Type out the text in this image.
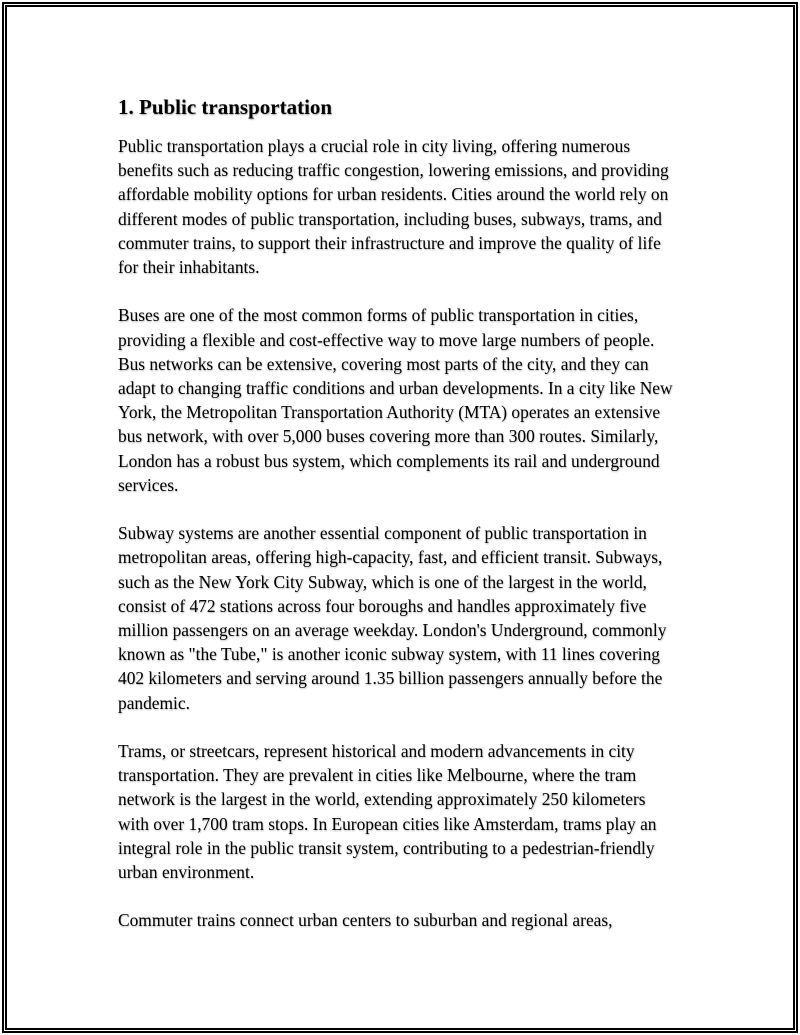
1. Public transportation

Public transportation plays a crucial role in city living, offering numerous benefits such as reducing traffic congestion, lowering emissions, and providing affordable mobility options for urban residents. Cities around the world rely on different modes of public transportation, including buses, subways, trams, and commuter trains, to support their infrastructure and improve the quality of life for their inhabitants.

Buses are one of the most common forms of public transportation in cities, providing a flexible and cost-effective way to move large numbers of people. Bus networks can be extensive, covering most parts of the city, and they can adapt to changing traffic conditions and urban developments. In a city like New York, the Metropolitan Transportation Authority (MTA) operates an extensive bus network, with over 5,000 buses covering more than 300 routes. Similarly, London has a robust bus system, which complements its rail and underground services.

Subway systems are another essential component of public transportation in metropolitan areas, offering high-capacity, fast, and efficient transit. Subways, such as the New York City Subway, which is one of the largest in the world, consist of 472 stations across four boroughs and handles approximately five million passengers on an average weekday. London's Underground, commonly known as "the Tube," is another iconic subway system, with 11 lines covering 402 kilometers and serving around 1.35 billion passengers annually before the pandemic.

Trams, or streetcars, represent historical and modern advancements in city transportation. They are prevalent in cities like Melbourne, where the tram network is the largest in the world, extending approximately 250 kilometers with over 1,700 tram stops. In European cities like Amsterdam, trams play an integral role in the public transit system, contributing to a pedestrian-friendly urban environment.

Commuter trains connect urban centers to suburban and regional areas,
